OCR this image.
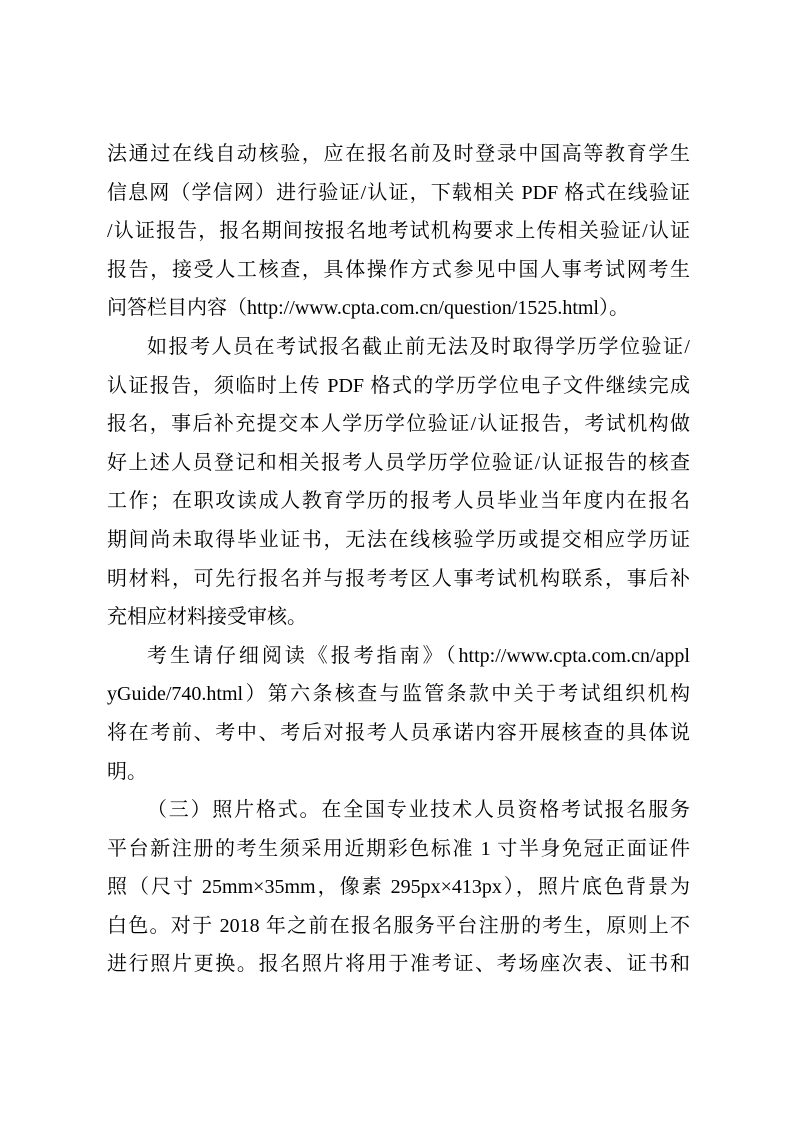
法通过在线自动核验，应在报名前及时登录中国高等教育学生
信息网（学信网）进行验证/认证，下载相关 PDF 格式在线验证
/认证报告，报名期间按报名地考试机构要求上传相关验证/认证
报告，接受人工核查，具体操作方式参见中国人事考试网考生
问答栏目内容（http://www.cpta.com.cn/question/1525.html）。
如报考人员在考试报名截止前无法及时取得学历学位验证/
认证报告，须临时上传 PDF 格式的学历学位电子文件继续完成
报名，事后补充提交本人学历学位验证/认证报告，考试机构做
好上述人员登记和相关报考人员学历学位验证/认证报告的核查
工作；在职攻读成人教育学历的报考人员毕业当年度内在报名
期间尚未取得毕业证书，无法在线核验学历或提交相应学历证
明材料，可先行报名并与报考考区人事考试机构联系，事后补
充相应材料接受审核。
考生请仔细阅读《报考指南》（http://www.cpta.com.cn/appl
yGuide/740.html）第六条核查与监管条款中关于考试组织机构
将在考前、考中、考后对报考人员承诺内容开展核查的具体说
明。
（三）照片格式。在全国专业技术人员资格考试报名服务
平台新注册的考生须采用近期彩色标准 1 寸半身免冠正面证件
照（尺寸 25mm×35mm，像素 295px×413px），照片底色背景为
白色。对于 2018 年之前在报名服务平台注册的考生，原则上不
进行照片更换。报名照片将用于准考证、考场座次表、证书和
